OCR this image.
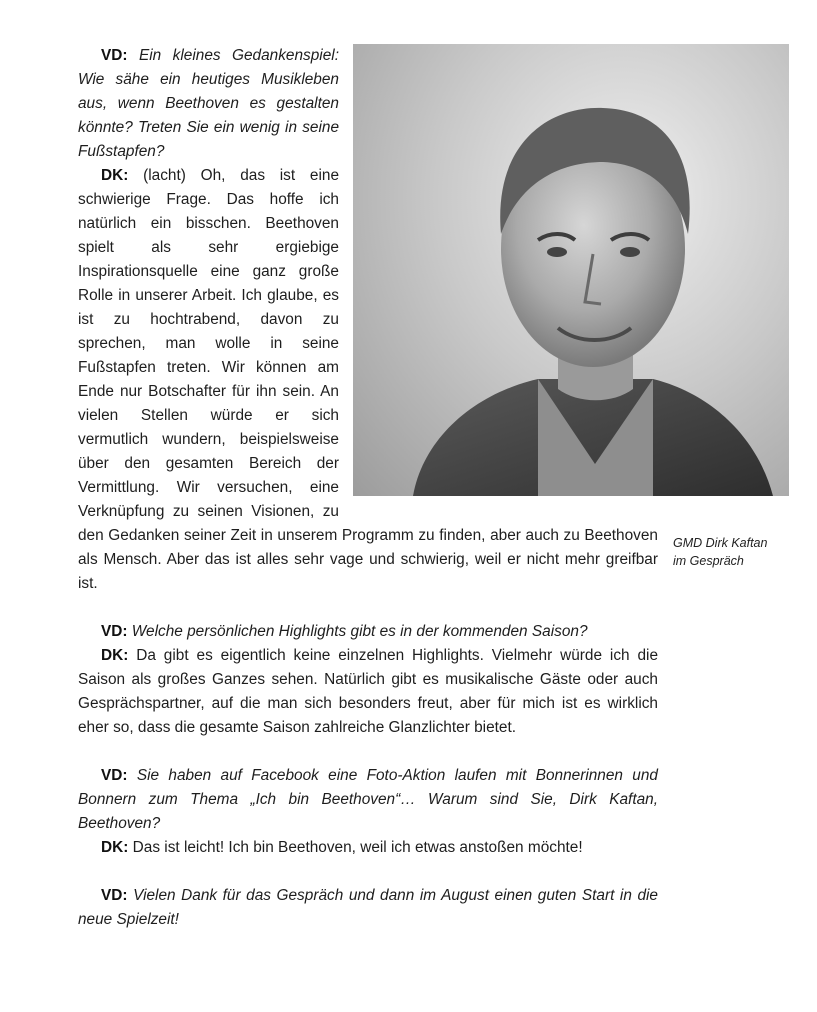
VD: Ein kleines Gedankenspiel: Wie sähe ein heutiges Musikleben aus, wenn Beethoven es gestalten könnte? Treten Sie ein wenig in seine Fußstapfen?

DK: (lacht) Oh, das ist eine schwierige Frage. Das hoffe ich natürlich ein bisschen. Beethoven spielt als sehr ergiebige Inspirationsquelle eine ganz große Rolle in unserer Arbeit. Ich glaube, es ist zu hochtrabend, davon zu sprechen, man wolle in seine Fußstapfen treten. Wir können am Ende nur Botschafter für ihn sein. An vielen Stellen würde er sich vermutlich wundern, beispielsweise über den gesamten Bereich der Vermittlung. Wir versuchen, eine Verknüpfung zu seinen Visionen, zu den Gedanken seiner Zeit in unserem Programm zu finden, aber auch zu Beethoven als Mensch. Aber das ist alles sehr vage und schwierig, weil er nicht mehr greifbar ist.

VD: Welche persönlichen Highlights gibt es in der kommenden Saison?

DK: Da gibt es eigentlich keine einzelnen Highlights. Vielmehr würde ich die Saison als großes Ganzes sehen. Natürlich gibt es musikalische Gäste oder auch Gesprächspartner, auf die man sich besonders freut, aber für mich ist es wirklich eher so, dass die gesamte Saison zahlreiche Glanzlichter bietet.

VD: Sie haben auf Facebook eine Foto-Aktion laufen mit Bonnerinnen und Bonnern zum Thema „Ich bin Beethoven“… Warum sind Sie, Dirk Kaftan, Beethoven?

DK: Das ist leicht! Ich bin Beethoven, weil ich etwas anstoßen möchte!

VD: Vielen Dank für das Gespräch und dann im August einen guten Start in die neue Spielzeit!

GMD Dirk Kaftan
im Gespräch
